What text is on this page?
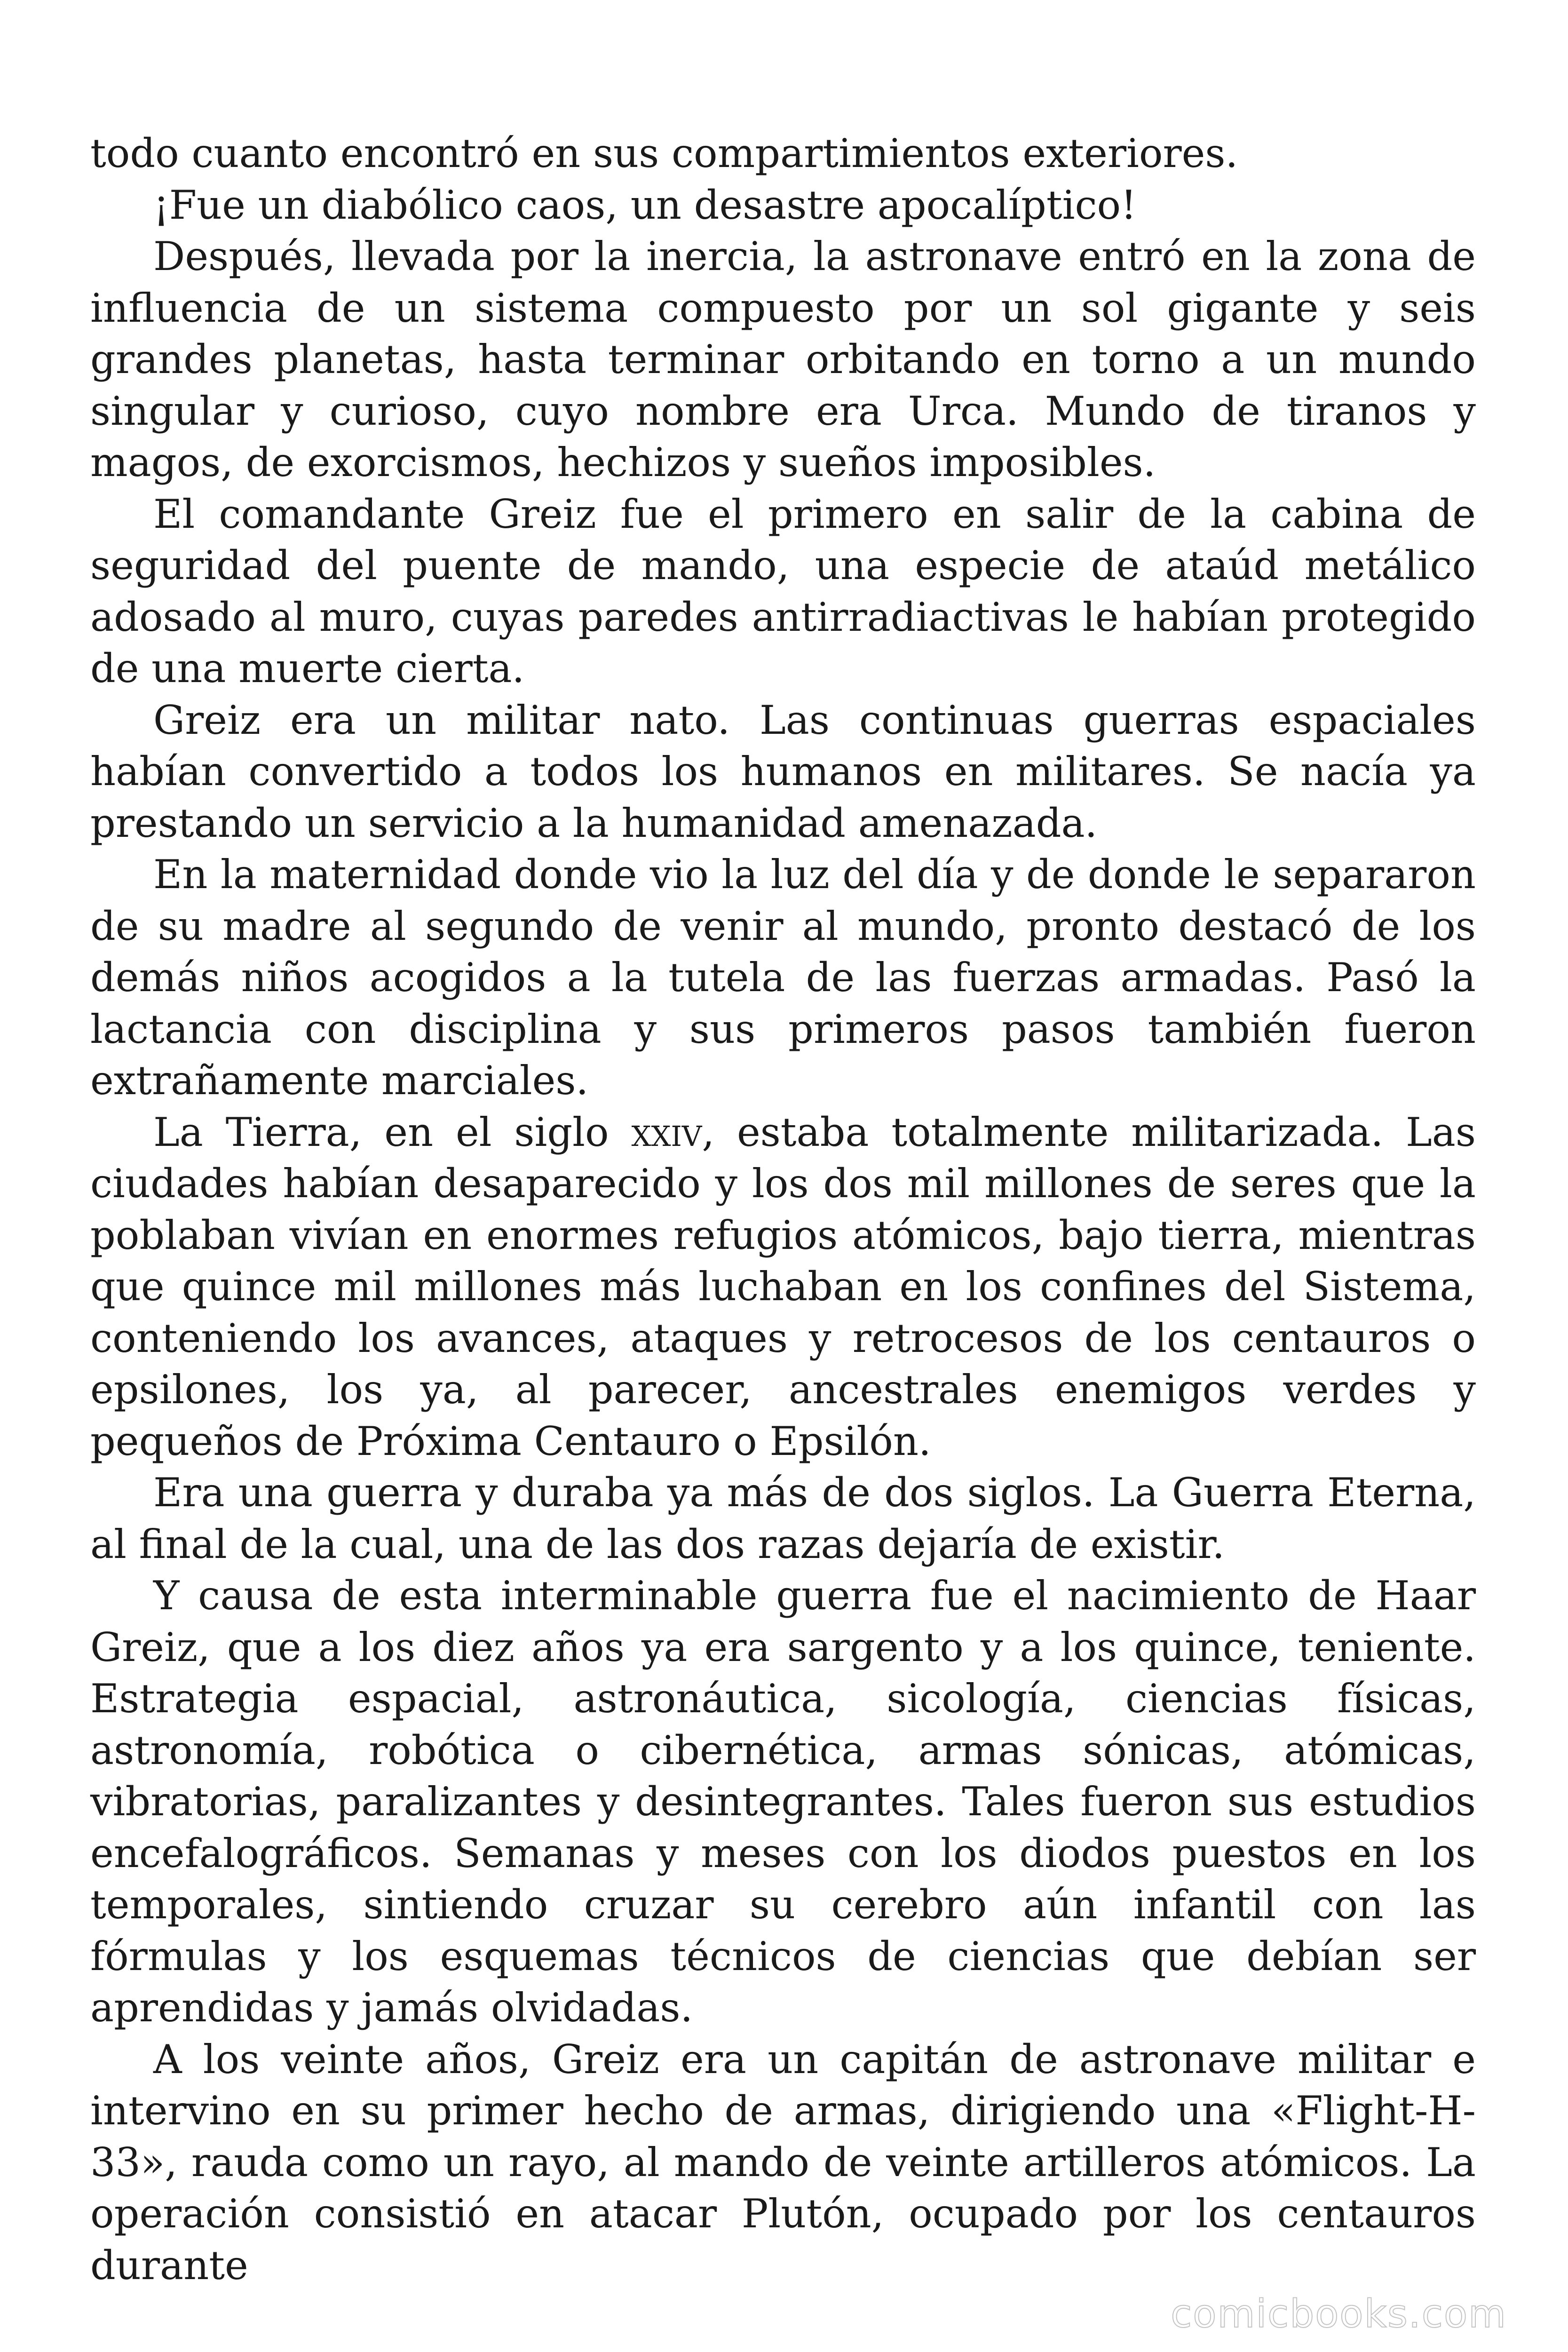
todo cuanto encontró en sus compartimientos exteriores.

¡Fue un diabólico caos, un desastre apocalíptico!

Después, llevada por la inercia, la astronave entró en la zona de influencia de un sistema compuesto por un sol gigante y seis grandes planetas, hasta terminar orbitando en torno a un mundo singular y curioso, cuyo nombre era Urca. Mundo de tiranos y magos, de exorcismos, hechizos y sueños imposibles.

El comandante Greiz fue el primero en salir de la cabina de seguridad del puente de mando, una especie de ataúd metálico adosado al muro, cuyas paredes antirradiactivas le habían protegido de una muerte cierta.

Greiz era un militar nato. Las continuas guerras espaciales habían convertido a todos los humanos en militares. Se nacía ya prestando un servicio a la humanidad amenazada.

En la maternidad donde vio la luz del día y de donde le separaron de su madre al segundo de venir al mundo, pronto destacó de los demás niños acogidos a la tutela de las fuerzas armadas. Pasó la lactancia con disciplina y sus primeros pasos también fueron extrañamente marciales.

La Tierra, en el siglo xxiv, estaba totalmente militarizada. Las ciudades habían desaparecido y los dos mil millones de seres que la poblaban vivían en enormes refugios atómicos, bajo tierra, mientras que quince mil millones más luchaban en los confines del Sistema, conteniendo los avances, ataques y retrocesos de los centauros o epsilones, los ya, al parecer, ancestrales enemigos verdes y pequeños de Próxima Centauro o Epsilón.

Era una guerra y duraba ya más de dos siglos. La Guerra Eterna, al final de la cual, una de las dos razas dejaría de existir.

Y causa de esta interminable guerra fue el nacimiento de Haar Greiz, que a los diez años ya era sargento y a los quince, teniente. Estrategia espacial, astronáutica, sicología, ciencias físicas, astronomía, robótica o cibernética, armas sónicas, atómicas, vibratorias, paralizantes y desintegrantes. Tales fueron sus estudios encefalográficos. Semanas y meses con los diodos puestos en los temporales, sintiendo cruzar su cerebro aún infantil con las fórmulas y los esquemas técnicos de ciencias que debían ser aprendidas y jamás olvidadas.

A los veinte años, Greiz era un capitán de astronave militar e intervino en su primer hecho de armas, dirigiendo una «Flight-H-33», rauda como un rayo, al mando de veinte artilleros atómicos. La operación consistió en atacar Plutón, ocupado por los centauros durante

comicbooks.com
